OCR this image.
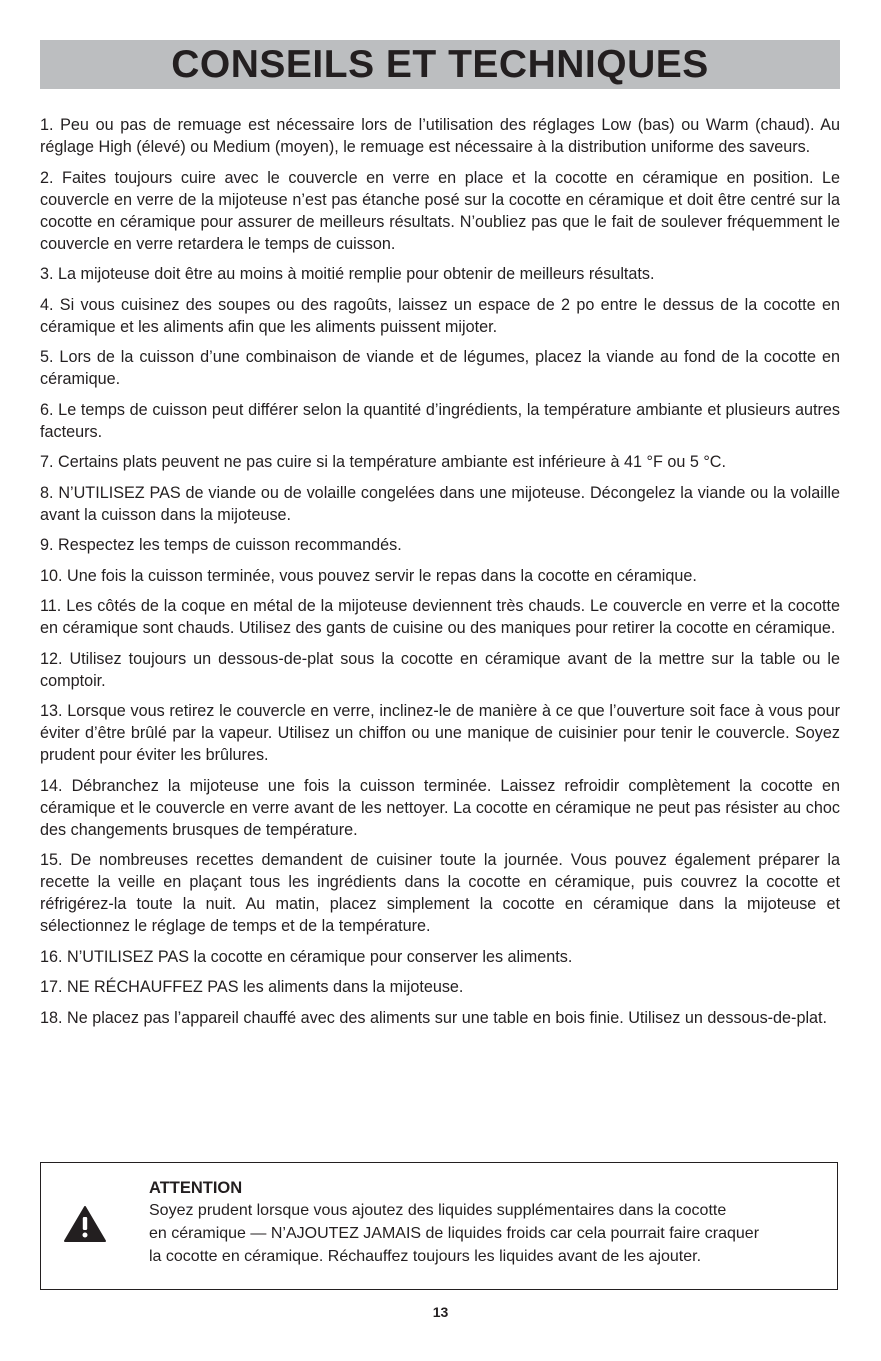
CONSEILS ET TECHNIQUES
1. Peu ou pas de remuage est nécessaire lors de l’utilisation des réglages Low (bas) ou Warm (chaud). Au réglage High (élevé) ou Medium (moyen), le remuage est nécessaire à la distribution uniforme des saveurs.
2. Faites toujours cuire avec le couvercle en verre en place et la cocotte en céramique en position. Le couvercle en verre de la mijoteuse n’est pas étanche posé sur la cocotte en céramique et doit être centré sur la cocotte en céramique pour assurer de meilleurs résultats. N’oubliez pas que le fait de soulever fréquemment le couvercle en verre retardera le temps de cuisson.
3. La mijoteuse doit être au moins à moitié remplie pour obtenir de meilleurs résultats.
4. Si vous cuisinez des soupes ou des ragoûts, laissez un espace de 2 po entre le dessus de la cocotte en céramique et les aliments afin que les aliments puissent mijoter.
5. Lors de la cuisson d’une combinaison de viande et de légumes, placez la viande au fond de la cocotte en céramique.
6. Le temps de cuisson peut différer selon la quantité d’ingrédients, la température ambiante et plusieurs autres facteurs.
7. Certains plats peuvent ne pas cuire si la température ambiante est inférieure à 41 °F ou 5 °C.
8. N’UTILISEZ PAS de viande ou de volaille congelées dans une mijoteuse. Décongelez la viande ou la volaille avant la cuisson dans la mijoteuse.
9. Respectez les temps de cuisson recommandés.
10. Une fois la cuisson terminée, vous pouvez servir le repas dans la cocotte en céramique.
11. Les côtés de la coque en métal de la mijoteuse deviennent très chauds. Le couvercle en verre et la cocotte en céramique sont chauds. Utilisez des gants de cuisine ou des maniques pour retirer la cocotte en céramique.
12. Utilisez toujours un dessous-de-plat sous la cocotte en céramique avant de la mettre sur la table ou le comptoir.
13. Lorsque vous retirez le couvercle en verre, inclinez-le de manière à ce que l’ouverture soit face à vous pour éviter d’être brûlé par la vapeur. Utilisez un chiffon ou une manique de cuisinier pour tenir le couvercle. Soyez prudent pour éviter les brûlures.
14. Débranchez la mijoteuse une fois la cuisson terminée. Laissez refroidir complètement la cocotte en céramique et le couvercle en verre avant de les nettoyer. La cocotte en céramique ne peut pas résister au choc des changements brusques de température.
15. De nombreuses recettes demandent de cuisiner toute la journée. Vous pouvez également préparer la recette la veille en plaçant tous les ingrédients dans la cocotte en céramique, puis couvrez la cocotte et réfrigérez-la toute la nuit. Au matin, placez simplement la cocotte en céramique dans la mijoteuse et sélectionnez le réglage de temps et de la température.
16. N’UTILISEZ PAS la cocotte en céramique pour conserver les aliments.
17. NE RÉCHAUFFEZ PAS les aliments dans la mijoteuse.
18. Ne placez pas l’appareil chauffé avec des aliments sur une table en bois finie. Utilisez un dessous-de-plat.

ATTENTION

Soyez prudent lorsque vous ajoutez des liquides supplémentaires dans la cocotte

en céramique — N’AJOUTEZ JAMAIS de liquides froids car cela pourrait faire craquer

la cocotte en céramique. Réchauffez toujours les liquides avant de les ajouter.

13
